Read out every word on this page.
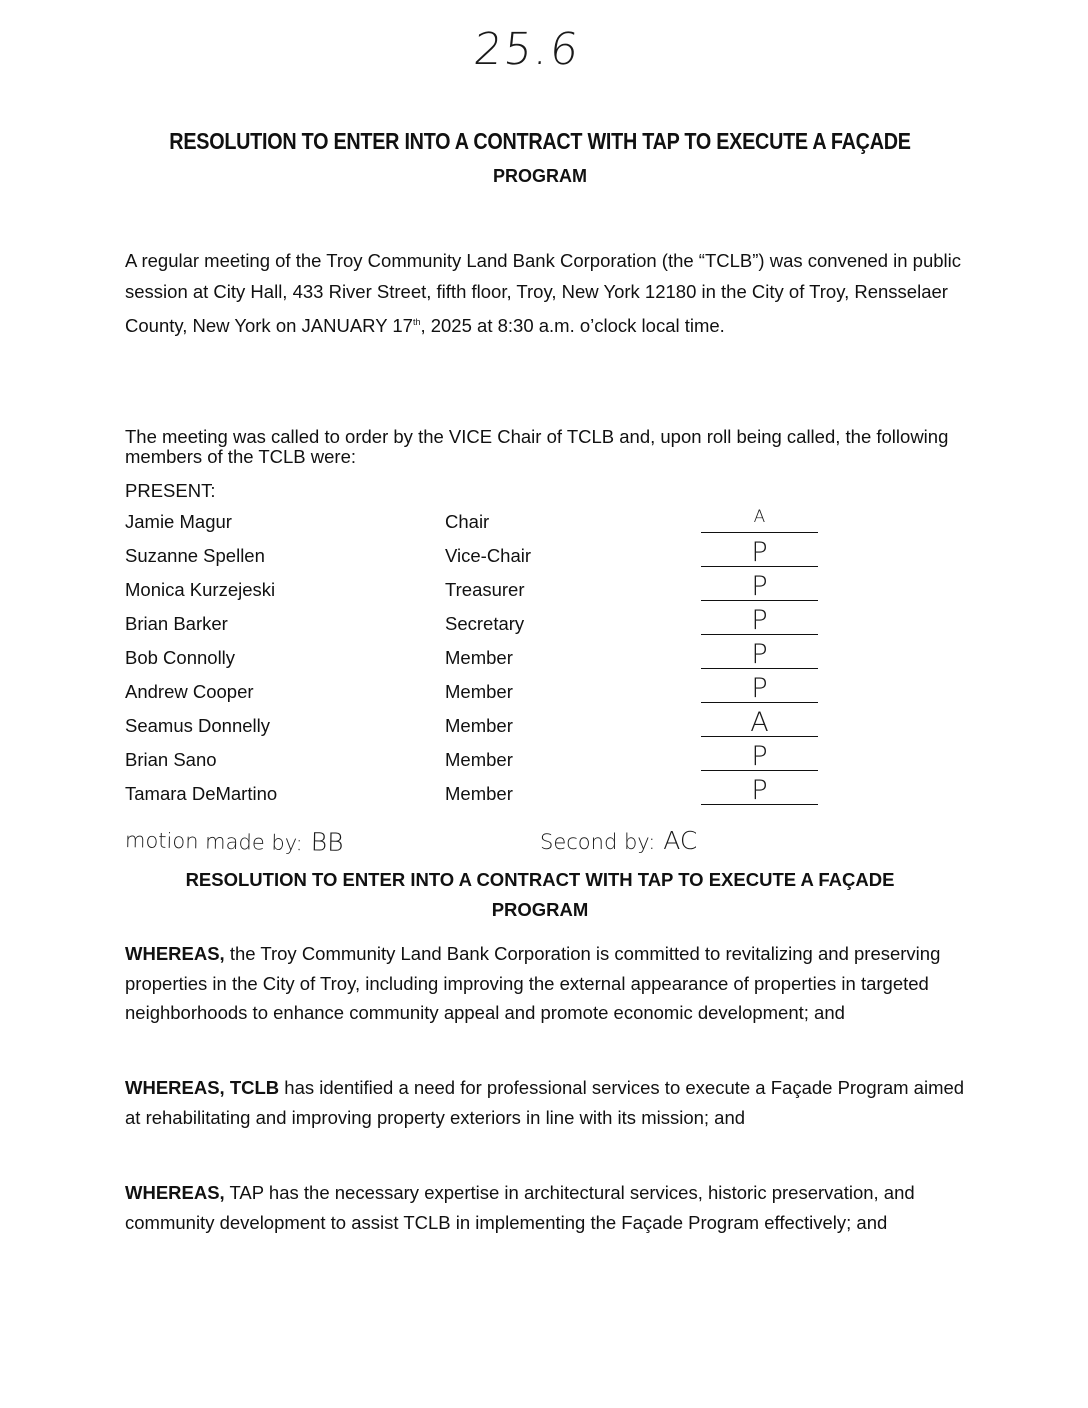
25.6
RESOLUTION TO ENTER INTO A CONTRACT WITH TAP TO EXECUTE A FAÇADE
PROGRAM
A regular meeting of the Troy Community Land Bank Corporation (the “TCLB”) was convened in public session at City Hall, 433 River Street, fifth floor, Troy, New York 12180 in the City of Troy, Rensselaer County, New York on JANUARY 17th, 2025 at 8:30 a.m. o’clock local time.
The meeting was called to order by the VICE Chair of TCLB and, upon roll being called, the following members of the TCLB were:
PRESENT:
Jamie Magur	Chair	A
Suzanne Spellen	Vice-Chair	P
Monica Kurzejeski	Treasurer	P
Brian Barker	Secretary	P
Bob Connolly	Member	P
Andrew Cooper	Member	P
Seamus Donnelly	Member	A
Brian Sano	Member	P
Tamara DeMartino	Member	P
motion made by: BB	Second by: AC
RESOLUTION TO ENTER INTO A CONTRACT WITH TAP TO EXECUTE A FAÇADE
PROGRAM
WHEREAS, the Troy Community Land Bank Corporation is committed to revitalizing and preserving properties in the City of Troy, including improving the external appearance of properties in targeted neighborhoods to enhance community appeal and promote economic development; and
WHEREAS, TCLB has identified a need for professional services to execute a Façade Program aimed at rehabilitating and improving property exteriors in line with its mission; and
WHEREAS, TAP has the necessary expertise in architectural services, historic preservation, and community development to assist TCLB in implementing the Façade Program effectively; and
